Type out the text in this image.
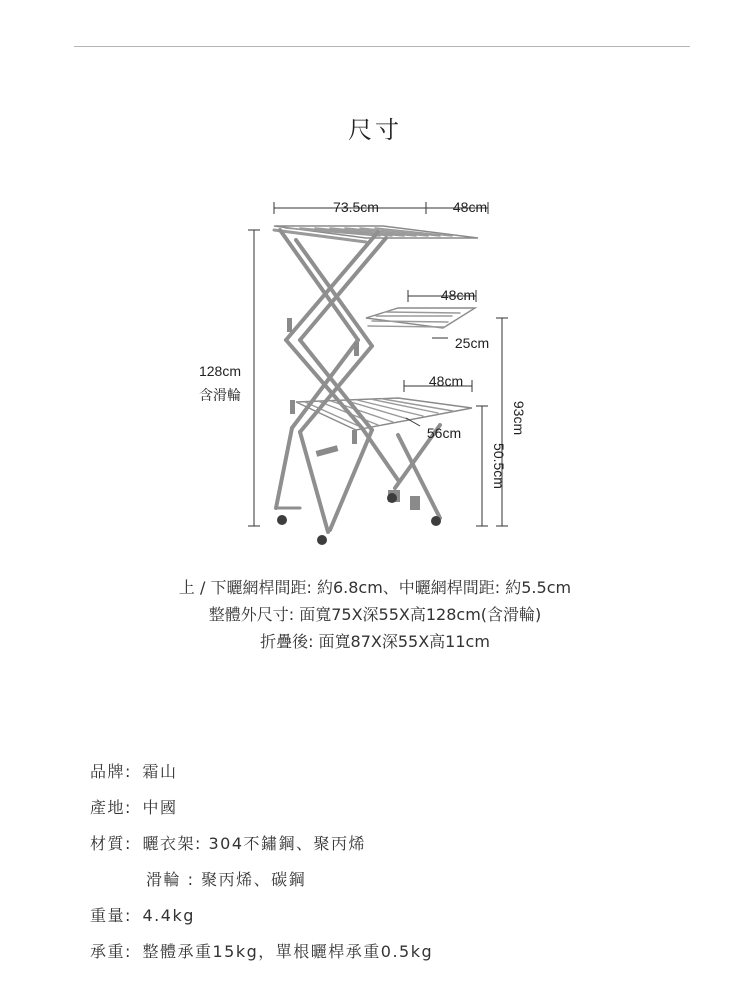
尺寸
73.5cm	48cm
48cm
25cm
48cm
56cm
128cm
含滑輪
93cm
50.5cm
上 / 下曬網桿間距: 約6.8cm、中曬網桿間距: 約5.5cm
整體外尺寸: 面寬75X深55X高128cm(含滑輪)
折疊後: 面寬87X深55X高11cm
品牌: 霜山
產地: 中國
材質: 曬衣架: 304不鏽鋼、聚丙烯
滑輪 : 聚丙烯、碳鋼
重量: 4.4kg
承重: 整體承重15kg，單根曬桿承重0.5kg
